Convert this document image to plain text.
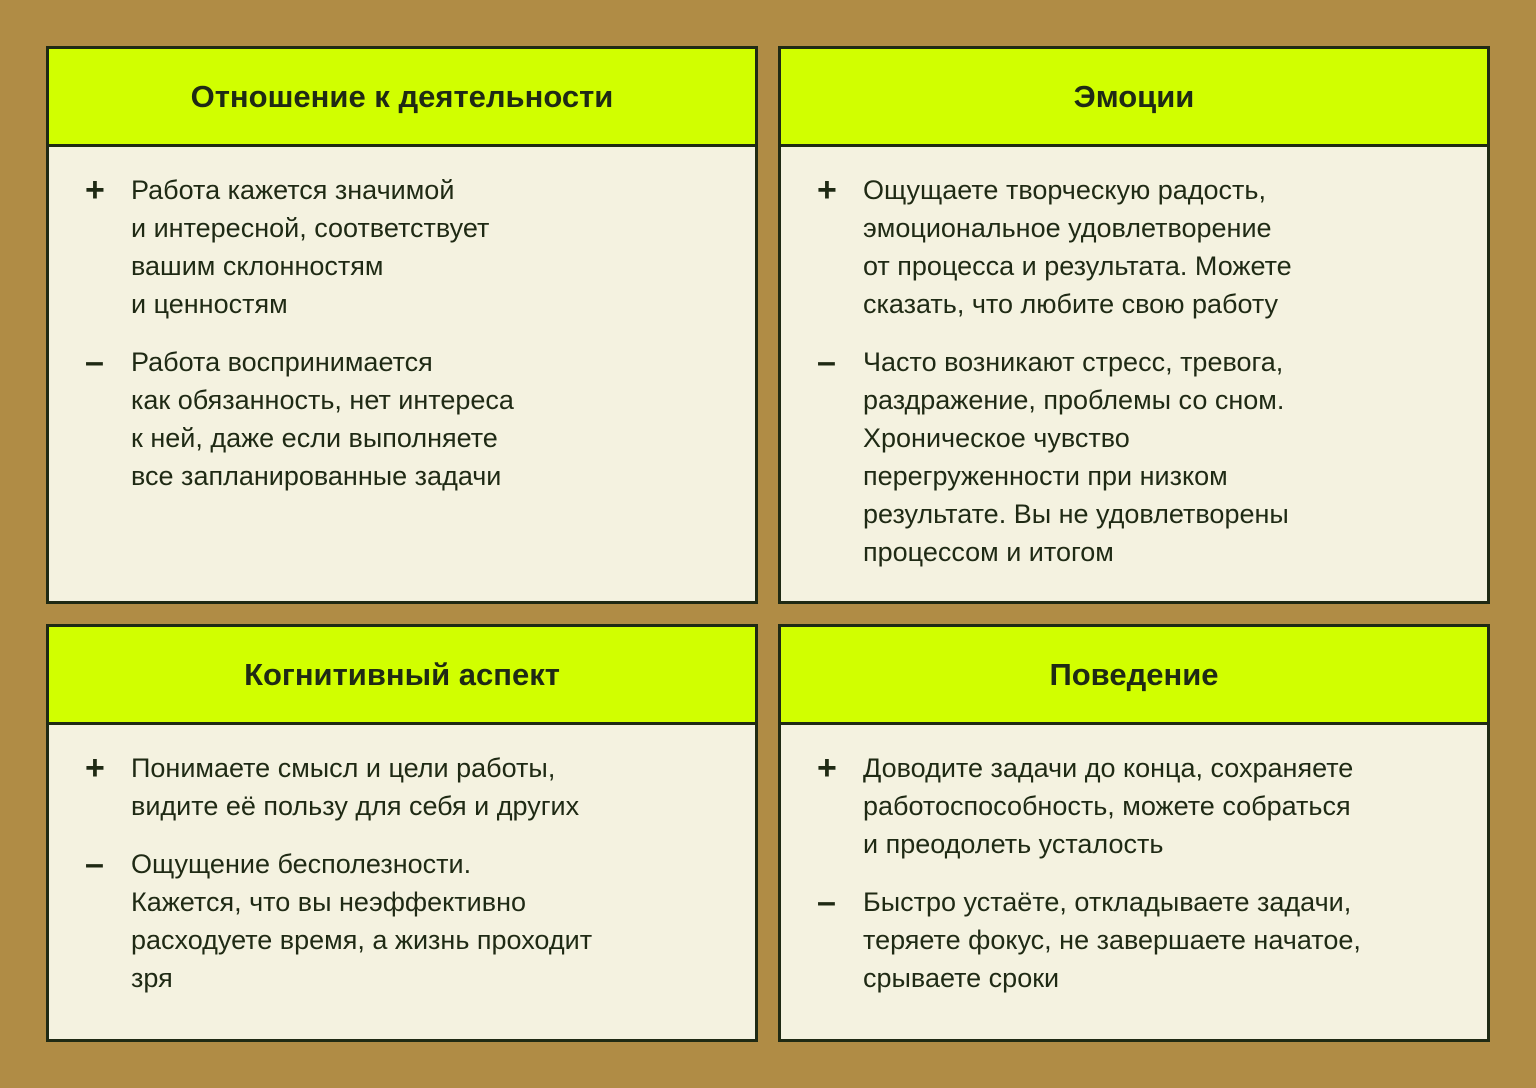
Отношение к деятельности
+ Работа кажется значимой
и интересной, соответствует
вашим склонностям
и ценностям
–	Работа воспринимается
как обязанность, нет интереса
к ней, даже если выполняете
все запланированные задачи
Эмоции
+ Ощущаете творческую радость,
эмоциональное удовлетворение
от процесса и результата. Можете
сказать, что любите свою работу
–	Часто возникают стресс, тревога,
раздражение, проблемы со сном.
Хроническое чувство
перегруженности при низком
результате. Вы не удовлетворены
процессом и итогом
Когнитивный аспект
+ Понимаете смысл и цели работы,
видите её пользу для себя и других
–	Ощущение бесполезности.
Кажется, что вы неэффективно
расходуете время, а жизнь проходит
зря
Поведение
+ Доводите задачи до конца, сохраняете
работоспособность, можете собраться
и преодолеть усталость
–	Быстро устаёте, откладываете задачи,
теряете фокус, не завершаете начатое,
срываете сроки
